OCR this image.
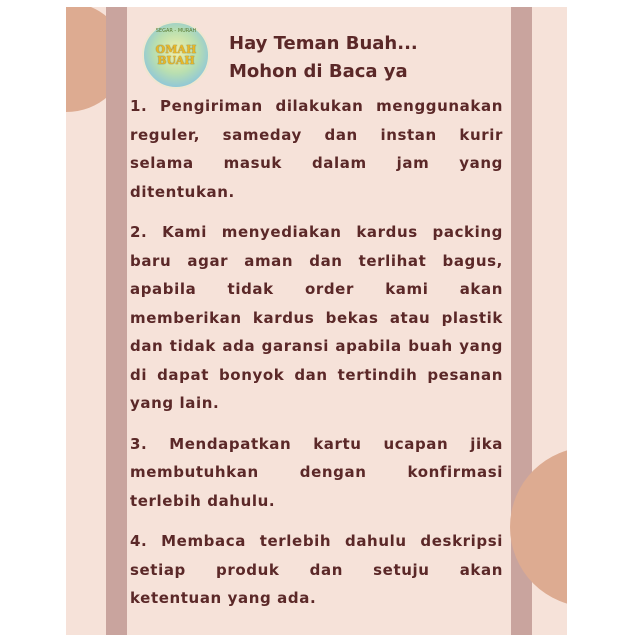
SEGAR - MURAH
OMAH
BUAH
Hay Teman Buah...
Mohon di Baca ya

1. Pengiriman dilakukan menggunakan reguler, sameday dan instan kurir selama masuk dalam jam yang ditentukan.

2. Kami menyediakan kardus packing baru agar aman dan terlihat bagus, apabila tidak order kami akan memberikan kardus bekas atau plastik dan tidak ada garansi apabila buah yang di dapat bonyok dan tertindih pesanan yang lain.

3. Mendapatkan kartu ucapan jika membutuhkan dengan konfirmasi terlebih dahulu.

4. Membaca terlebih dahulu deskripsi setiap produk dan setuju akan ketentuan yang ada.
